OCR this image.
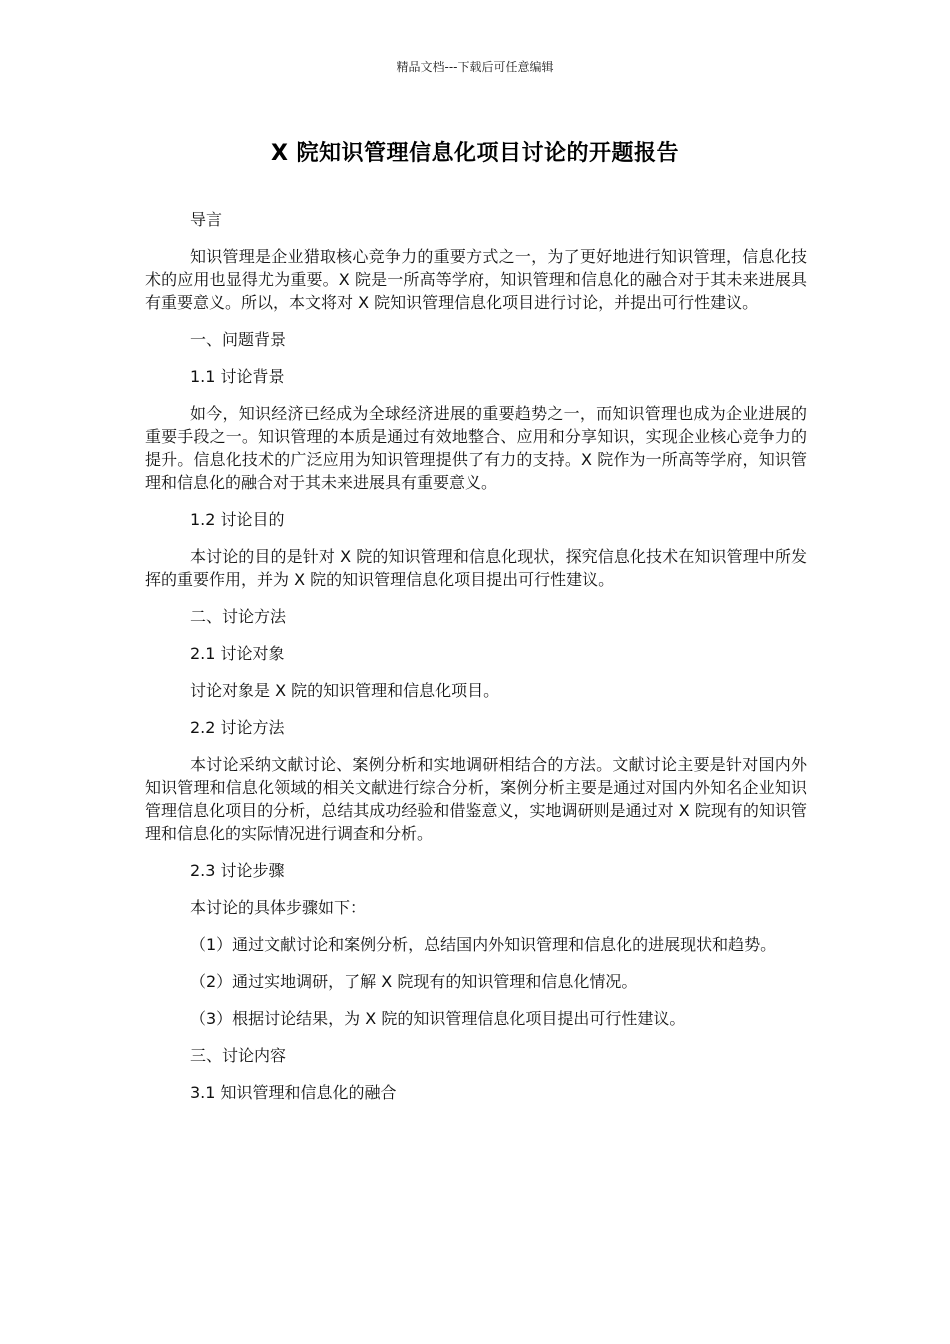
精品文档---下载后可任意编辑
X 院知识管理信息化项目讨论的开题报告

导言

知识管理是企业猎取核心竞争力的重要方式之一，为了更好地进行知识管理，信息化技术的应用也显得尤为重要。X 院是一所高等学府，知识管理和信息化的融合对于其未来进展具有重要意义。所以，本文将对 X 院知识管理信息化项目进行讨论，并提出可行性建议。

一、问题背景

1.1 讨论背景

如今，知识经济已经成为全球经济进展的重要趋势之一，而知识管理也成为企业进展的重要手段之一。知识管理的本质是通过有效地整合、应用和分享知识，实现企业核心竞争力的提升。信息化技术的广泛应用为知识管理提供了有力的支持。X 院作为一所高等学府，知识管理和信息化的融合对于其未来进展具有重要意义。

1.2 讨论目的

本讨论的目的是针对 X 院的知识管理和信息化现状，探究信息化技术在知识管理中所发挥的重要作用，并为 X 院的知识管理信息化项目提出可行性建议。

二、讨论方法

2.1 讨论对象

讨论对象是 X 院的知识管理和信息化项目。

2.2 讨论方法

本讨论采纳文献讨论、案例分析和实地调研相结合的方法。文献讨论主要是针对国内外知识管理和信息化领域的相关文献进行综合分析，案例分析主要是通过对国内外知名企业知识管理信息化项目的分析，总结其成功经验和借鉴意义，实地调研则是通过对 X 院现有的知识管理和信息化的实际情况进行调查和分析。

2.3 讨论步骤

本讨论的具体步骤如下：

（1）通过文献讨论和案例分析，总结国内外知识管理和信息化的进展现状和趋势。

（2）通过实地调研，了解 X 院现有的知识管理和信息化情况。

（3）根据讨论结果，为 X 院的知识管理信息化项目提出可行性建议。

三、讨论内容

3.1 知识管理和信息化的融合
